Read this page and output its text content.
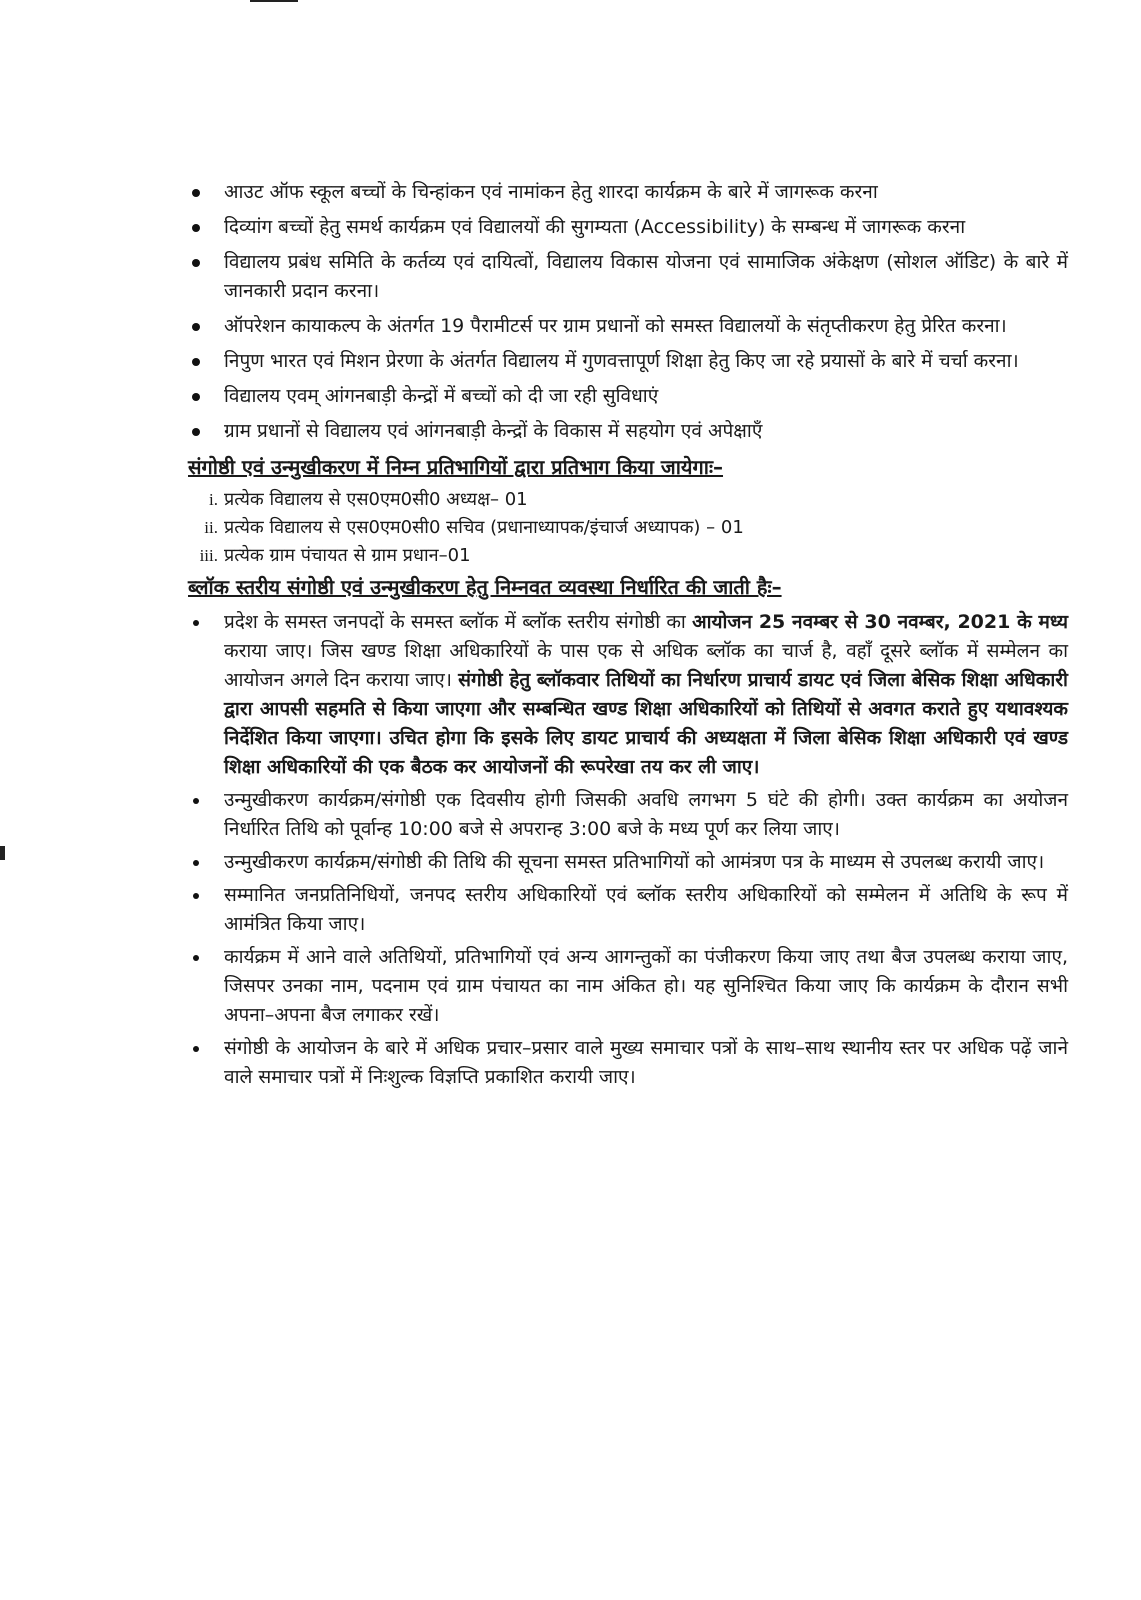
आउट ऑफ स्कूल बच्चों के चिन्हांकन एवं नामांकन हेतु शारदा कार्यक्रम के बारे में जागरूक करना
दिव्यांग बच्चों हेतु समर्थ कार्यक्रम एवं विद्यालयों की सुगम्यता (Accessibility) के सम्बन्ध में जागरूक करना
विद्यालय प्रबंध समिति के कर्तव्य एवं दायित्वों, विद्यालय विकास योजना एवं सामाजिक अंकेक्षण (सोशल ऑडिट) के बारे में जानकारी प्रदान करना।
ऑपरेशन कायाकल्प के अंतर्गत 19 पैरामीटर्स पर ग्राम प्रधानों को समस्त विद्यालयों के संतृप्तीकरण हेतु प्रेरित करना।
निपुण भारत एवं मिशन प्रेरणा के अंतर्गत विद्यालय में गुणवत्तापूर्ण शिक्षा हेतु किए जा रहे प्रयासों के बारे में चर्चा करना।
विद्यालय एवम् आंगनबाड़ी केन्द्रों में बच्चों को दी जा रही सुविधाएं
ग्राम प्रधानों से विद्यालय एवं आंगनबाड़ी केन्द्रों के विकास में सहयोग एवं अपेक्षाएँ
संगोष्ठी एवं उन्मुखीकरण में निम्न प्रतिभागियों द्वारा प्रतिभाग किया जायेगाः–
i. प्रत्येक विद्यालय से एस0एम0सी0 अध्यक्ष– 01
ii. प्रत्येक विद्यालय से एस0एम0सी0 सचिव (प्रधानाध्यापक/इंचार्ज अध्यापक) – 01
iii. प्रत्येक ग्राम पंचायत से ग्राम प्रधान–01
ब्लॉक स्तरीय संगोष्ठी एवं उन्मुखीकरण हेतु निम्नवत व्यवस्था निर्धारित की जाती हैः–
प्रदेश के समस्त जनपदों के समस्त ब्लॉक में ब्लॉक स्तरीय संगोष्ठी का आयोजन 25 नवम्बर से 30 नवम्बर, 2021 के मध्य कराया जाए। जिस खण्ड शिक्षा अधिकारियों के पास एक से अधिक ब्लॉक का चार्ज है, वहाँ दूसरे ब्लॉक में सम्मेलन का आयोजन अगले दिन कराया जाए। संगोष्ठी हेतु ब्लॉकवार तिथियों का निर्धारण प्राचार्य डायट एवं जिला बेसिक शिक्षा अधिकारी द्वारा आपसी सहमति से किया जाएगा और सम्बन्धित खण्ड शिक्षा अधिकारियों को तिथियों से अवगत कराते हुए यथावश्यक निर्देशित किया जाएगा। उचित होगा कि इसके लिए डायट प्राचार्य की अध्यक्षता में जिला बेसिक शिक्षा अधिकारी एवं खण्ड शिक्षा अधिकारियों की एक बैठक कर आयोजनों की रूपरेखा तय कर ली जाए।
उन्मुखीकरण कार्यक्रम/संगोष्ठी एक दिवसीय होगी जिसकी अवधि लगभग 5 घंटे की होगी। उक्त कार्यक्रम का अयोजन निर्धारित तिथि को पूर्वान्ह 10:00 बजे से अपरान्ह 3:00 बजे के मध्य पूर्ण कर लिया जाए।
उन्मुखीकरण कार्यक्रम/संगोष्ठी की तिथि की सूचना समस्त प्रतिभागियों को आमंत्रण पत्र के माध्यम से उपलब्ध करायी जाए।
सम्मानित जनप्रतिनिधियों, जनपद स्तरीय अधिकारियों एवं ब्लॉक स्तरीय अधिकारियों को सम्मेलन में अतिथि के रूप में आमंत्रित किया जाए।
कार्यक्रम में आने वाले अतिथियों, प्रतिभागियों एवं अन्य आगन्तुकों का पंजीकरण किया जाए तथा बैज उपलब्ध कराया जाए, जिसपर उनका नाम, पदनाम एवं ग्राम पंचायत का नाम अंकित हो। यह सुनिश्चित किया जाए कि कार्यक्रम के दौरान सभी अपना–अपना बैज लगाकर रखें।
संगोष्ठी के आयोजन के बारे में अधिक प्रचार–प्रसार वाले मुख्य समाचार पत्रों के साथ–साथ स्थानीय स्तर पर अधिक पढ़ें जाने वाले समाचार पत्रों में निःशुल्क विज्ञप्ति प्रकाशित करायी जाए।
